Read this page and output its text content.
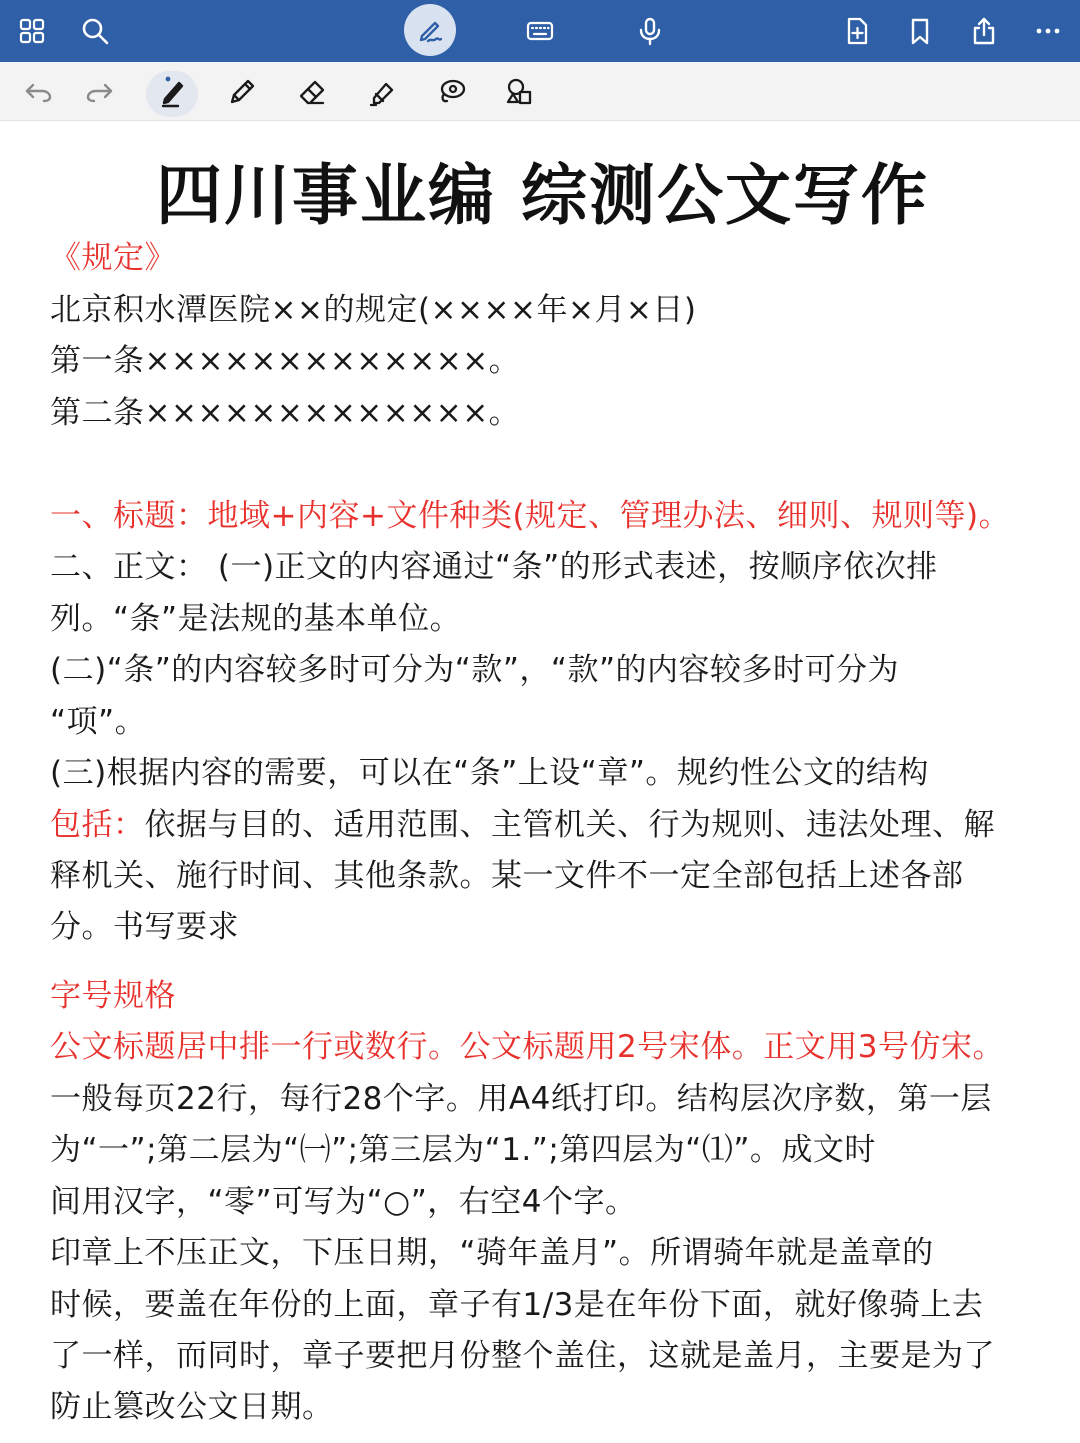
四川事业编 综测公文写作
《规定》
北京积水潭医院××的规定(××××年×月×日)
第一条×××××××××××××。
第二条×××××××××××××。
一、标题：地域+内容+文件种类(规定、管理办法、细则、规则等)。
二、正文： (一)正文的内容通过“条”的形式表述，按顺序依次排
列。“条”是法规的基本单位。
(二)“条”的内容较多时可分为“款”，“款”的内容较多时可分为
“项”。
(三)根据内容的需要，可以在“条”上设“章”。规约性公文的结构
包括：依据与目的、适用范围、主管机关、行为规则、违法处理、解
释机关、施行时间、其他条款。某一文件不一定全部包括上述各部
分。书写要求
字号规格
公文标题居中排一行或数行。公文标题用2号宋体。正文用3号仿宋。
一般每页22行，每行28个字。用A4纸打印。结构层次序数，第一层
为“一”;第二层为“㈠”;第三层为“1.”;第四层为“⑴”。成文时
间用汉字，“零”可写为“○”，右空4个字。
印章上不压正文，下压日期，“骑年盖月”。所谓骑年就是盖章的
时候，要盖在年份的上面，章子有1/3是在年份下面，就好像骑上去
了一样，而同时，章子要把月份整个盖住，这就是盖月，主要是为了
防止篡改公文日期。
